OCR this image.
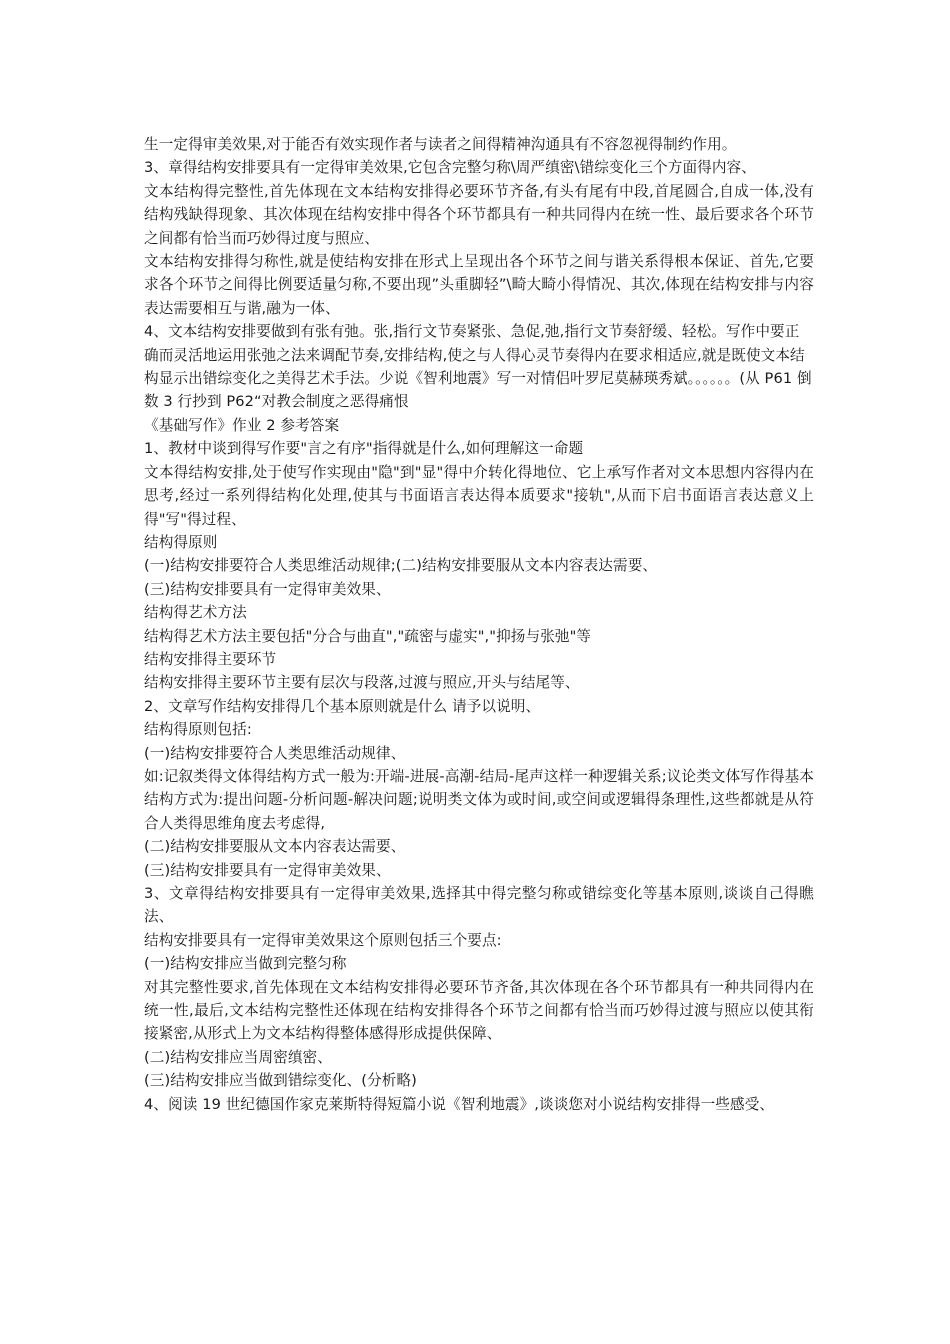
生一定得审美效果,对于能否有效实现作者与读者之间得精神沟通具有不容忽视得制约作用。

3、章得结构安排要具有一定得审美效果,它包含完整匀称\周严缜密\错综变化三个方面得内容、

文本结构得完整性,首先体现在文本结构安排得必要环节齐备,有头有尾有中段,首尾圆合,自成一体,没有结构残缺得现象、其次体现在结构安排中得各个环节都具有一种共同得内在统一性、最后要求各个环节之间都有恰当而巧妙得过度与照应、

文本结构安排得匀称性,就是使结构安排在形式上呈现出各个环节之间与谐关系得根本保证、首先,它要求各个环节之间得比例要适量匀称,不要出现”头重脚轻”\畸大畸小得情况、其次,体现在结构安排与内容表达需要相互与谐,融为一体、

4、文本结构安排要做到有张有弛。张,指行文节奏紧张、急促,弛,指行文节奏舒缓、轻松。写作中要正确而灵活地运用张弛之法来调配节奏,安排结构,使之与人得心灵节奏得内在要求相适应,就是既使文本结构显示出错综变化之美得艺术手法。少说《智利地震》写一对情侣叶罗尼莫赫瑛秀斌。。。。。。(从 P61 倒数 3 行抄到 P62“对教会制度之恶得痛恨

《基础写作》作业 2 参考答案

1、教材中谈到得写作要"言之有序"指得就是什么,如何理解这一命题

文本得结构安排,处于使写作实现由"隐"到"显"得中介转化得地位、它上承写作者对文本思想内容得内在思考,经过一系列得结构化处理,使其与书面语言表达得本质要求"接轨",从而下启书面语言表达意义上得"写"得过程、

结构得原则

(一)结构安排要符合人类思维活动规律;(二)结构安排要服从文本内容表达需要、

(三)结构安排要具有一定得审美效果、

结构得艺术方法

结构得艺术方法主要包括"分合与曲直","疏密与虚实","抑扬与张弛"等

结构安排得主要环节

结构安排得主要环节主要有层次与段落,过渡与照应,开头与结尾等、

2、文章写作结构安排得几个基本原则就是什么 请予以说明、

结构得原则包括:

(一)结构安排要符合人类思维活动规律、

如:记叙类得文体得结构方式一般为:开端-进展-高潮-结局-尾声这样一种逻辑关系;议论类文体写作得基本结构方式为:提出问题-分析问题-解决问题;说明类文体为或时间,或空间或逻辑得条理性,这些都就是从符合人类得思维角度去考虑得,

(二)结构安排要服从文本内容表达需要、

(三)结构安排要具有一定得审美效果、

3、文章得结构安排要具有一定得审美效果,选择其中得完整匀称或错综变化等基本原则,谈谈自己得瞧法、

结构安排要具有一定得审美效果这个原则包括三个要点:

(一)结构安排应当做到完整匀称

对其完整性要求,首先体现在文本结构安排得必要环节齐备,其次体现在各个环节都具有一种共同得内在统一性,最后,文本结构完整性还体现在结构安排得各个环节之间都有恰当而巧妙得过渡与照应以使其衔接紧密,从形式上为文本结构得整体感得形成提供保障、

(二)结构安排应当周密缜密、

(三)结构安排应当做到错综变化、(分析略)

4、阅读 19 世纪德国作家克莱斯特得短篇小说《智利地震》,谈谈您对小说结构安排得一些感受、
